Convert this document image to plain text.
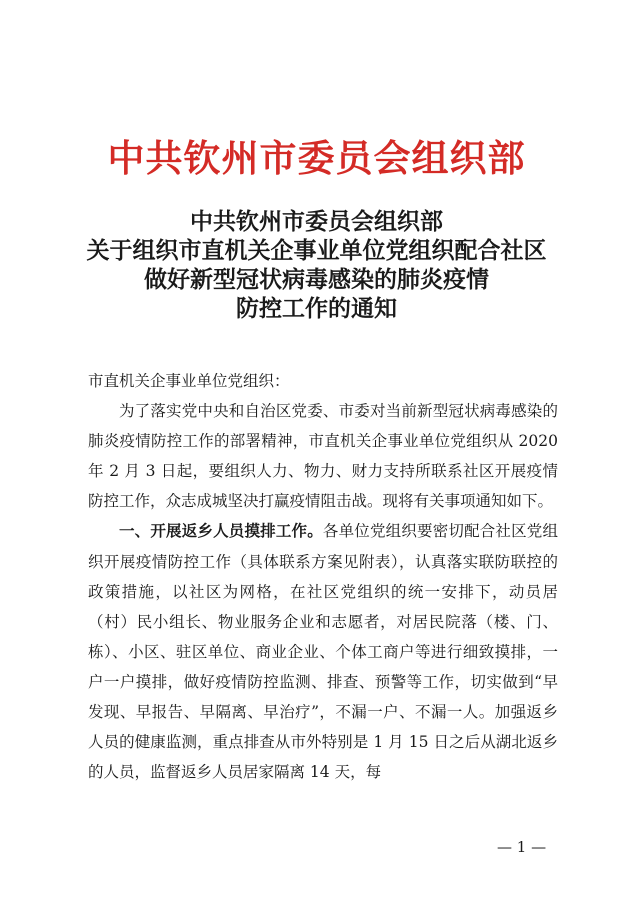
中共钦州市委员会组织部
中共钦州市委员会组织部
关于组织市直机关企事业单位党组织配合社区
做好新型冠状病毒感染的肺炎疫情
防控工作的通知

市直机关企事业单位党组织：

为了落实党中央和自治区党委、市委对当前新型冠状病毒感染的肺炎疫情防控工作的部署精神，市直机关企事业单位党组织从 2020 年 2 月 3 日起，要组织人力、物力、财力支持所联系社区开展疫情防控工作，众志成城坚决打赢疫情阻击战。现将有关事项通知如下。

一、开展返乡人员摸排工作。各单位党组织要密切配合社区党组织开展疫情防控工作（具体联系方案见附表），认真落实联防联控的政策措施，以社区为网格，在社区党组织的统一安排下，动员居（村）民小组长、物业服务企业和志愿者，对居民院落（楼、门、栋）、小区、驻区单位、商业企业、个体工商户等进行细致摸排，一户一户摸排，做好疫情防控监测、排查、预警等工作，切实做到“早发现、早报告、早隔离、早治疗”，不漏一户、不漏一人。加强返乡人员的健康监测，重点排查从市外特别是 1 月 15 日之后从湖北返乡的人员，监督返乡人员居家隔离 14 天，每

— 1 —
